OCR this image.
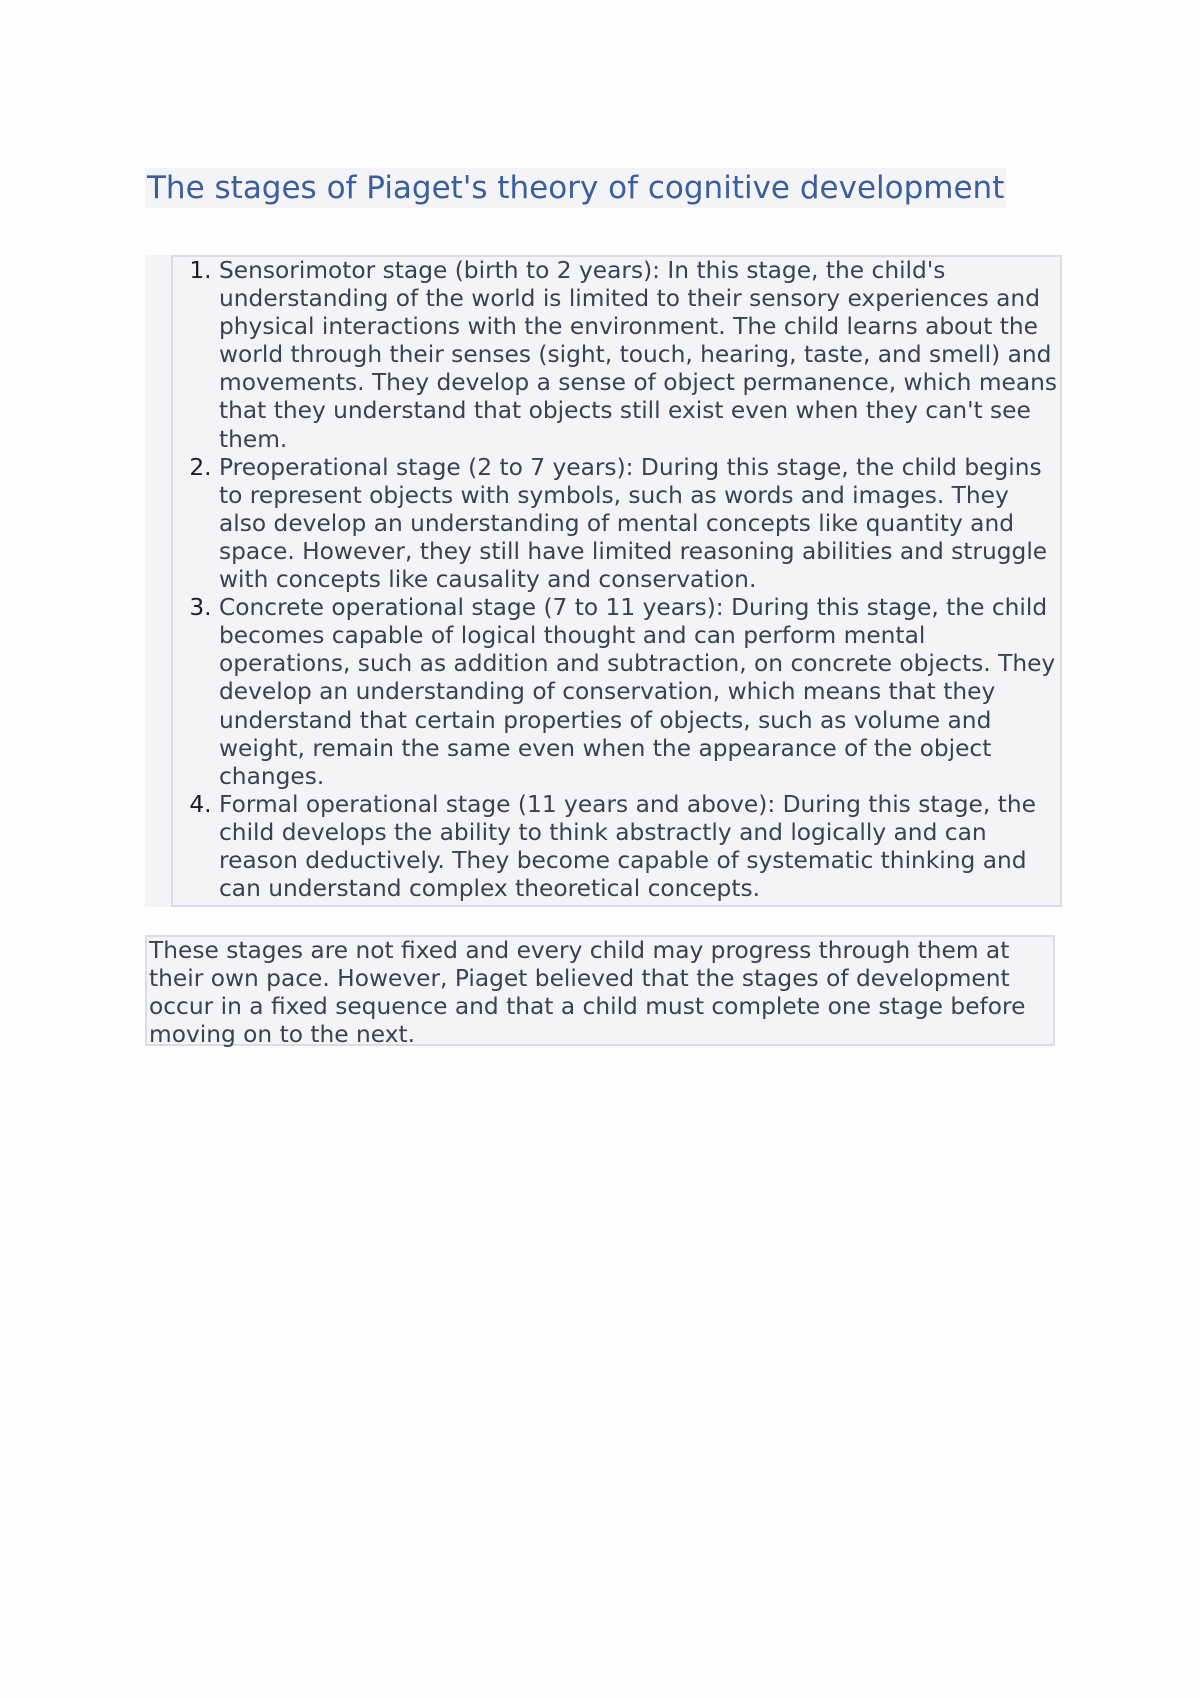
The stages of Piaget's theory of cognitive development
1. Sensorimotor stage (birth to 2 years): In this stage, the child's understanding of the world is limited to their sensory experiences and physical interactions with the environment. The child learns about the world through their senses (sight, touch, hearing, taste, and smell) and movements. They develop a sense of object permanence, which means that they understand that objects still exist even when they can't see them.
2. Preoperational stage (2 to 7 years): During this stage, the child begins to represent objects with symbols, such as words and images. They also develop an understanding of mental concepts like quantity and space. However, they still have limited reasoning abilities and struggle with concepts like causality and conservation.
3. Concrete operational stage (7 to 11 years): During this stage, the child becomes capable of logical thought and can perform mental operations, such as addition and subtraction, on concrete objects. They develop an understanding of conservation, which means that they understand that certain properties of objects, such as volume and weight, remain the same even when the appearance of the object changes.
4. Formal operational stage (11 years and above): During this stage, the child develops the ability to think abstractly and logically and can reason deductively. They become capable of systematic thinking and can understand complex theoretical concepts.

These stages are not fixed and every child may progress through them at their own pace. However, Piaget believed that the stages of development occur in a fixed sequence and that a child must complete one stage before moving on to the next.
